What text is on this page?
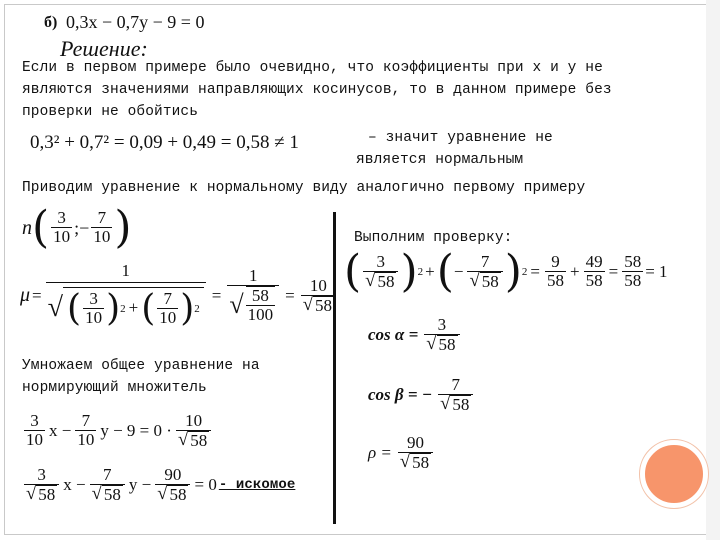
б) 0,3x − 0,7y − 9 = 0
Решение:
Если в первом примере было очевидно, что коэффициенты при x и y не
являются значениями направляющих косинусов, то в данном примере без
проверки не обойтись
0,3² + 0,7² = 0,09 + 0,49 = 0,58 ≠ 1	– значит уравнение не
является нормальным
Приводим уравнение к нормальному виду аналогично первому примеру
n ( $\frac{3}{10}$ ;− $\frac{7}{10}$ )
μ =
1
√ ( $\frac{3}{10}$ ) 2 + ( $\frac{7}{10}$ ) 2
= $\frac{1}{√ \frac{58}{100}} = \frac{10}{√ 58}$
Выполним проверку:
( $\frac{3}{√ 58}$ ) 2 + ( − $\frac{7}{√ 58}$ ) $2 = \frac{9}{58} + \frac{49}{58} = \frac{58}{58} = 1$
$\cos \alpha = \frac{3}{√ 58}$
cos β = − $\frac{7}{√ 58}$
$\rho = \frac{90}{√ 58}$
Умножаем общее уравнение на
нормирующий множитель
$\frac{3}{10}$ $x - \frac{7}{10}$ $y - 9 = 0 \cdot \frac{10}{√ 58}$
$\frac{3}{√ 58}$ $x - \frac{7}{√ 58}$ $y - \frac{90}{√ 58} = 0$ - искомое
